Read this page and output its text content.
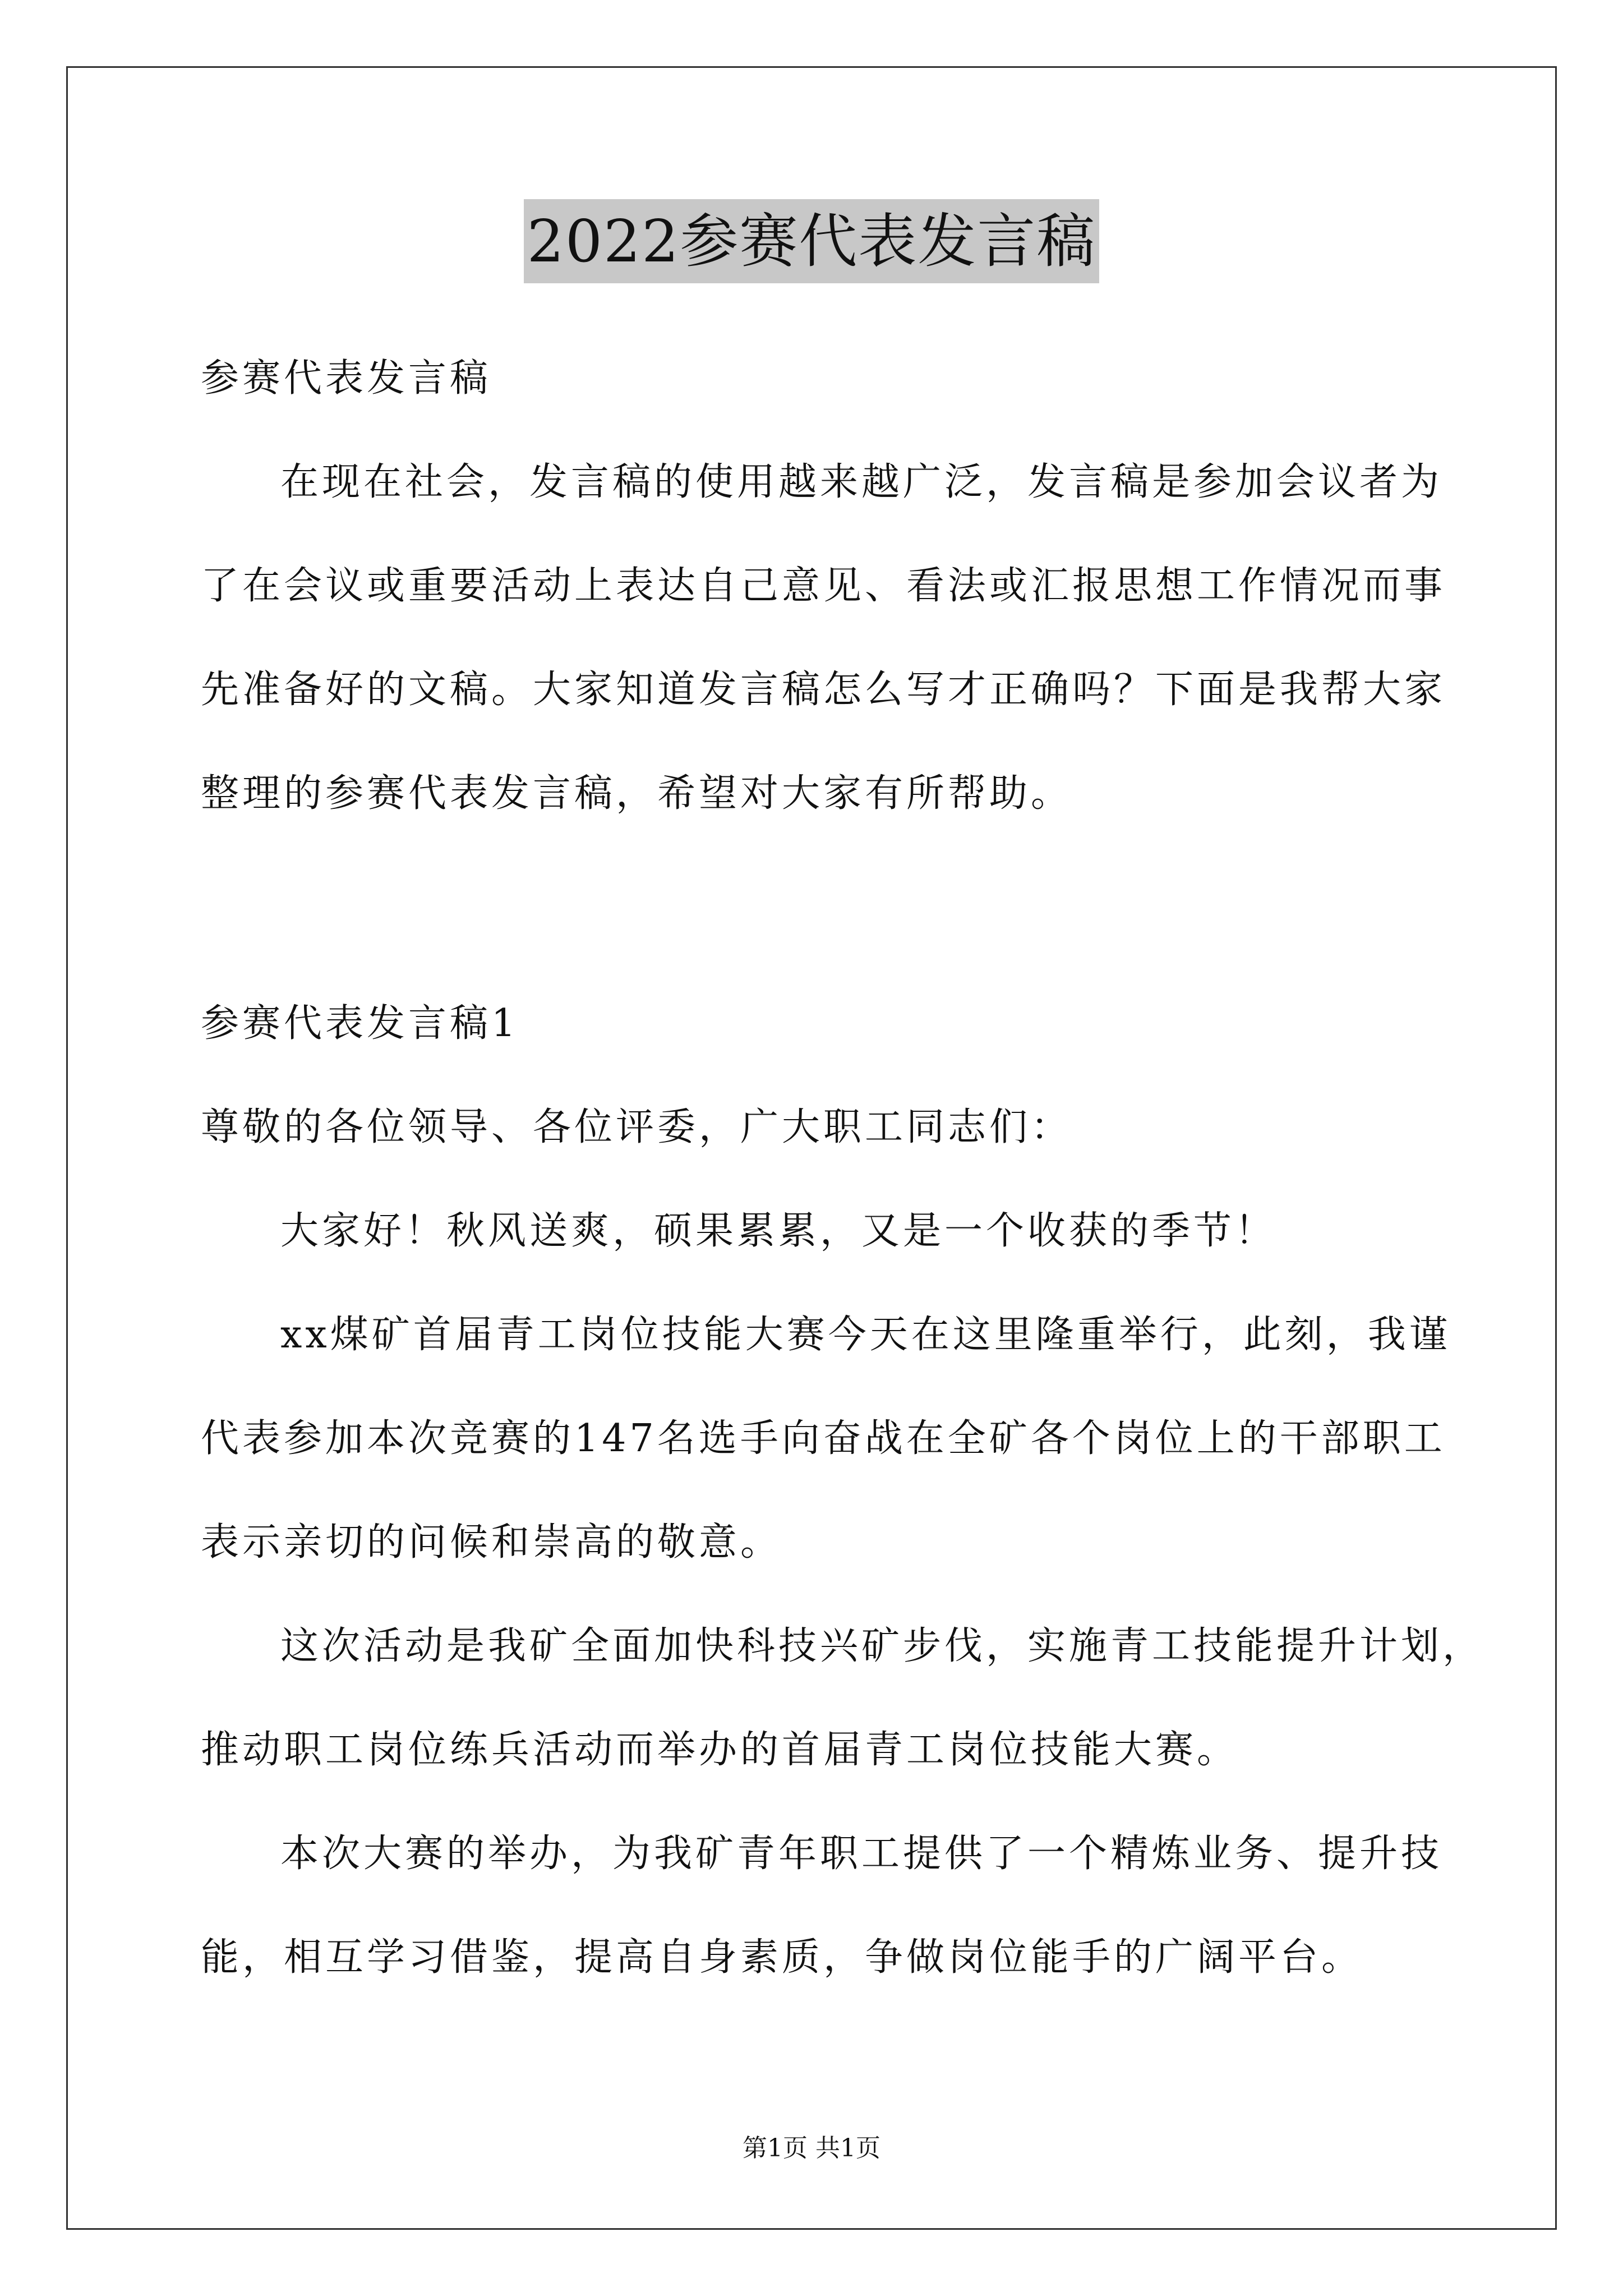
2022参赛代表发言稿
参赛代表发言稿
在现在社会，发言稿的使用越来越广泛，发言稿是参加会议者为
了在会议或重要活动上表达自己意见、看法或汇报思想工作情况而事
先准备好的文稿。大家知道发言稿怎么写才正确吗？下面是我帮大家
整理的参赛代表发言稿，希望对大家有所帮助。
参赛代表发言稿1
尊敬的各位领导、各位评委，广大职工同志们：
大家好！秋风送爽，硕果累累，又是一个收获的季节！
xx煤矿首届青工岗位技能大赛今天在这里隆重举行，此刻，我谨
代表参加本次竞赛的147名选手向奋战在全矿各个岗位上的干部职工
表示亲切的问候和崇高的敬意。
这次活动是我矿全面加快科技兴矿步伐，实施青工技能提升计划，
推动职工岗位练兵活动而举办的首届青工岗位技能大赛。
本次大赛的举办，为我矿青年职工提供了一个精炼业务、提升技
能，相互学习借鉴，提高自身素质，争做岗位能手的广阔平台。
第1页 共1页
